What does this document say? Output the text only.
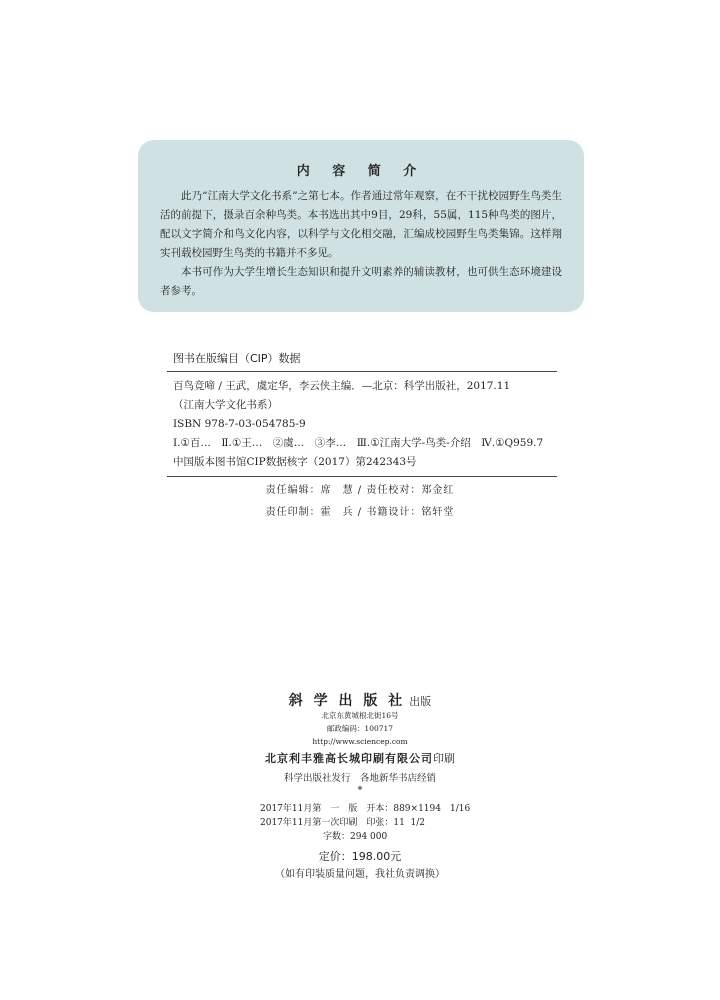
内 容 简 介

此乃“江南大学文化书系”之第七本。作者通过常年观察，在不干扰校园野生鸟类生活的前提下，摄录百余种鸟类。本书选出其中9目，29科，55属，115种鸟类的图片，配以文字简介和鸟文化内容，以科学与文化相交融，汇编成校园野生鸟类集锦。这样翔实刊载校园野生鸟类的书籍并不多见。

本书可作为大学生增长生态知识和提升文明素养的辅读教材，也可供生态环境建设者参考。

图书在版编目（CIP）数据
百鸟竞啼 / 王武，虞定华，李云侠主编．—北京：科学出版社，2017.11
（江南大学文化书系）
ISBN 978-7-03-054785-9
Ⅰ.①百…　Ⅱ.①王…　②虞…　③李…　Ⅲ.①江南大学-鸟类-介绍　Ⅳ.①Q959.7
中国版本图书馆CIP数据核字（2017）第242343号
责任编辑：席　慧 / 责任校对：郑金红
责任印制：霍　兵 / 书籍设计：铭轩堂
斜 学 出 版 社 出版
北京东黄城根北街16号
邮政编码：100717
http://www.sciencep.com
北京利丰雅高长城印刷有限公司印刷
科学出版社发行　各地新华书店经销
*
2017年11月第　一　版　开本：889×1194　1/16
2017年11月第一次印刷　印张：11  1/2
　　　　　　　字数：294 000
定价：198.00元
（如有印装质量问题，我社负责调换）
